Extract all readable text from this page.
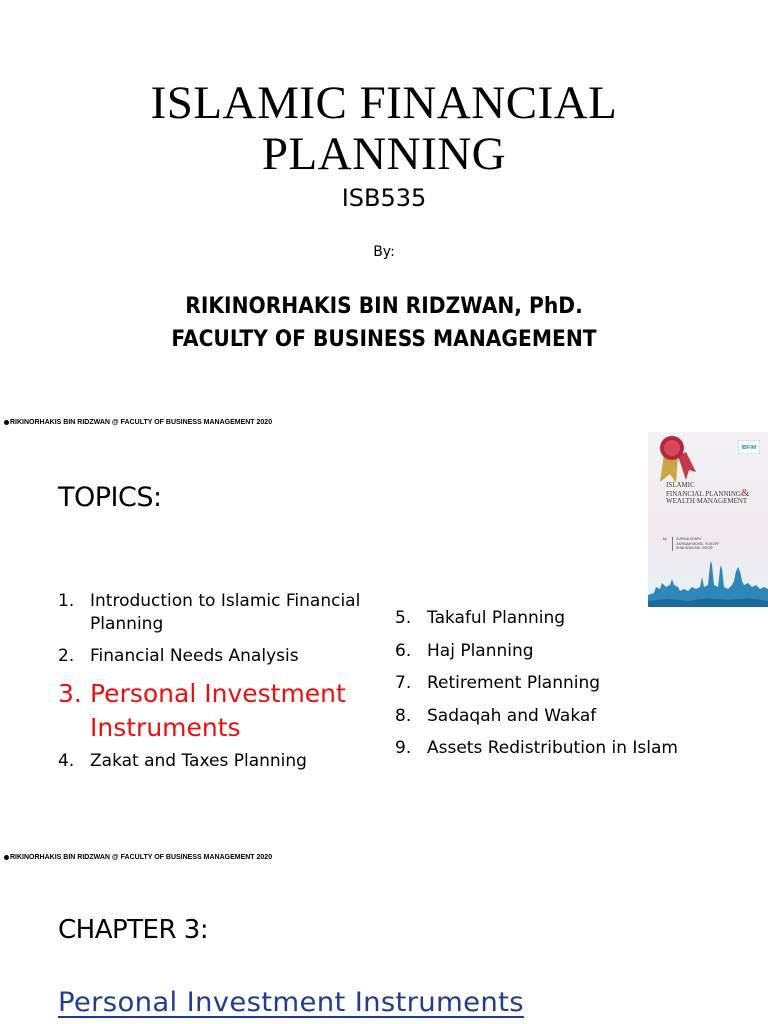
ISLAMIC FINANCIAL
PLANNING
ISB535
By:
RIKINORHAKIS BIN RIDZWAN, PhD.
FACULTY OF BUSINESS MANAGEMENT
RIKINORHAKIS BIN RIDZWAN @ FACULTY OF BUSINESS MANAGEMENT 2020
TOPICS:
1. Introduction to Islamic Financial Planning
2. Financial Needs Analysis
3. Personal Investment Instruments
4. Zakat and Taxes Planning
5. Takaful Planning
6. Haj Planning
7. Retirement Planning
8. Sadaqah and Wakaf
9. Assets Redistribution in Islam
IBFIM
ISLAMIC
FINANCIAL PLANNING&
WEALTH MANAGEMENT
by	ZURINA SHAFII
ZARINAH MOHD. YUSOFF
SHAHIZAN MD. NOOR
RIKINORHAKIS BIN RIDZWAN @ FACULTY OF BUSINESS MANAGEMENT 2020
CHAPTER 3:
Personal Investment Instruments
